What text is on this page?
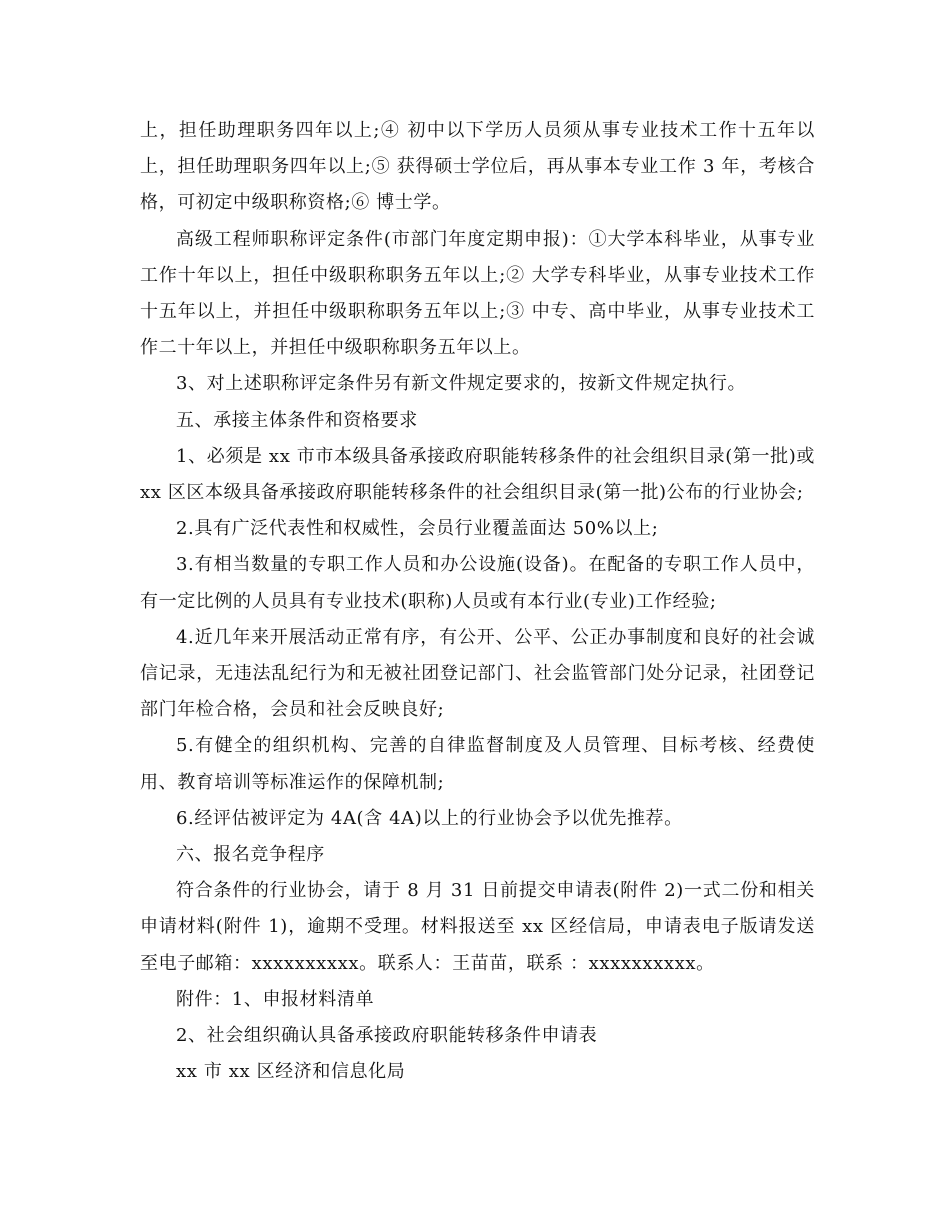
上，担任助理职务四年以上;④ 初中以下学历人员须从事专业技术工作十五年以上，担任助理职务四年以上;⑤ 获得硕士学位后，再从事本专业工作 3 年，考核合格，可初定中级职称资格;⑥ 博士学。

高级工程师职称评定条件(市部门年度定期申报)：①大学本科毕业，从事专业工作十年以上，担任中级职称职务五年以上;② 大学专科毕业，从事专业技术工作十五年以上，并担任中级职称职务五年以上;③ 中专、高中毕业，从事专业技术工作二十年以上，并担任中级职称职务五年以上。

3、对上述职称评定条件另有新文件规定要求的，按新文件规定执行。

五、承接主体条件和资格要求

1、必须是 xx 市市本级具备承接政府职能转移条件的社会组织目录(第一批)或 xx 区区本级具备承接政府职能转移条件的社会组织目录(第一批)公布的行业协会;

2.具有广泛代表性和权威性，会员行业覆盖面达 50%以上;

3.有相当数量的专职工作人员和办公设施(设备)。在配备的专职工作人员中，有一定比例的人员具有专业技术(职称)人员或有本行业(专业)工作经验;

4.近几年来开展活动正常有序，有公开、公平、公正办事制度和良好的社会诚信记录，无违法乱纪行为和无被社团登记部门、社会监管部门处分记录，社团登记部门年检合格，会员和社会反映良好;

5.有健全的组织机构、完善的自律监督制度及人员管理、目标考核、经费使用、教育培训等标准运作的保障机制;

6.经评估被评定为 4A(含 4A)以上的行业协会予以优先推荐。

六、报名竞争程序

符合条件的行业协会，请于 8 月 31 日前提交申请表(附件 2)一式二份和相关申请材料(附件 1)，逾期不受理。材料报送至 xx 区经信局，申请表电子版请发送至电子邮箱：xxxxxxxxxx。联系人：王苗苗，联系 ：xxxxxxxxxx。

附件：1、申报材料清单

2、社会组织确认具备承接政府职能转移条件申请表

xx 市 xx 区经济和信息化局
